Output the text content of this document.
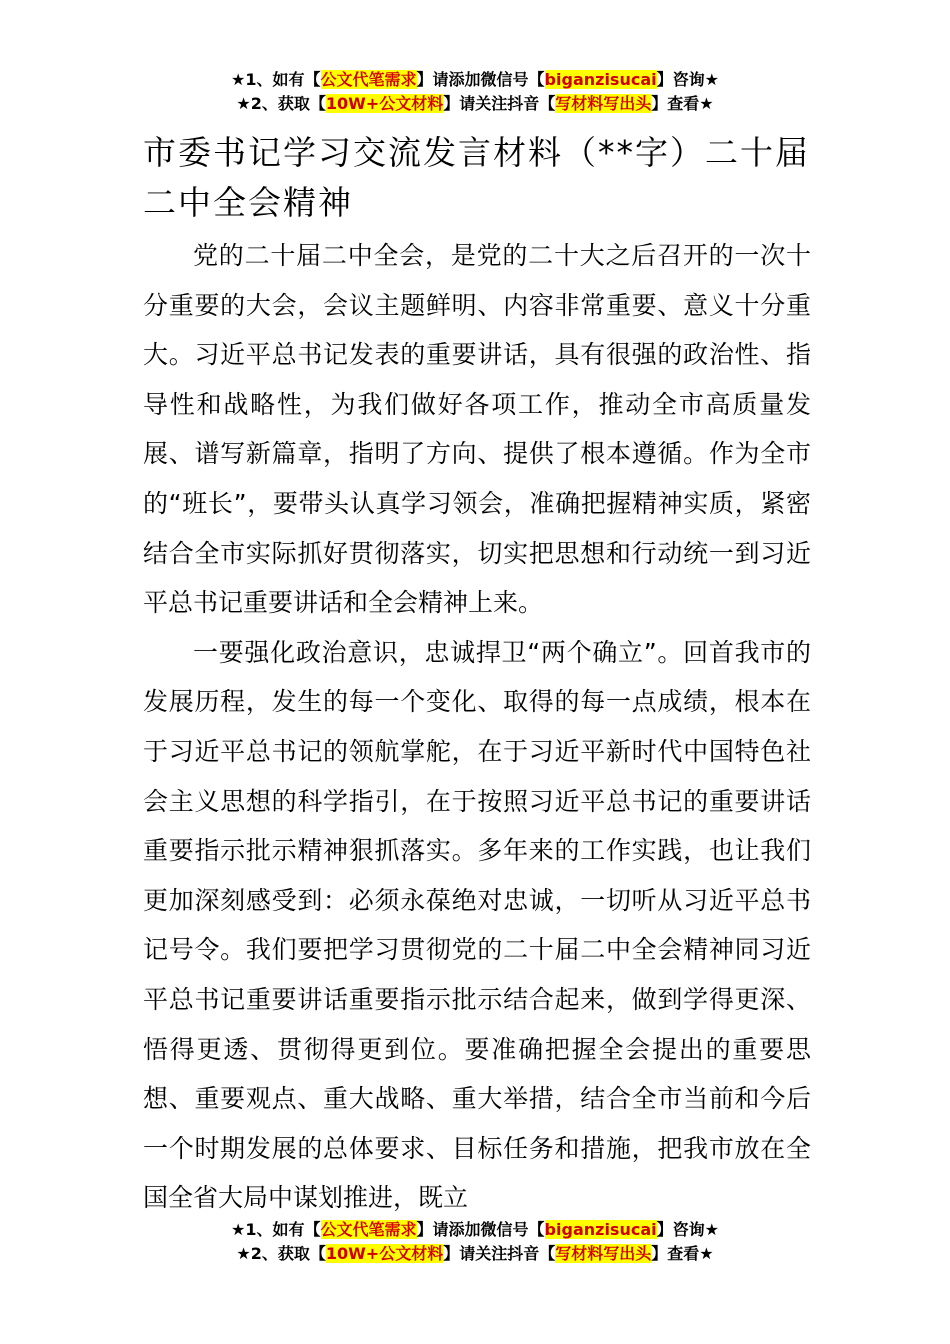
★1、如有【公文代笔需求】请添加微信号【biganzisucai】咨询★
★2、获取【10W+公文材料】请关注抖音【写材料写出头】查看★
市委书记学习交流发言材料（**字）二十届二中全会精神

党的二十届二中全会，是党的二十大之后召开的一次十分重要的大会，会议主题鲜明、内容非常重要、意义十分重大。习近平总书记发表的重要讲话，具有很强的政治性、指导性和战略性，为我们做好各项工作，推动全市高质量发展、谱写新篇章，指明了方向、提供了根本遵循。作为全市的“班长”，要带头认真学习领会，准确把握精神实质，紧密结合全市实际抓好贯彻落实，切实把思想和行动统一到习近平总书记重要讲话和全会精神上来。

一要强化政治意识，忠诚捍卫“两个确立”。回首我市的发展历程，发生的每一个变化、取得的每一点成绩，根本在于习近平总书记的领航掌舵，在于习近平新时代中国特色社会主义思想的科学指引，在于按照习近平总书记的重要讲话重要指示批示精神狠抓落实。多年来的工作实践，也让我们更加深刻感受到：必须永葆绝对忠诚，一切听从习近平总书记号令。我们要把学习贯彻党的二十届二中全会精神同习近平总书记重要讲话重要指示批示结合起来，做到学得更深、悟得更透、贯彻得更到位。要准确把握全会提出的重要思想、重要观点、重大战略、重大举措，结合全市当前和今后一个时期发展的总体要求、目标任务和措施，把我市放在全国全省大局中谋划推进，既立

★1、如有【公文代笔需求】请添加微信号【biganzisucai】咨询★
★2、获取【10W+公文材料】请关注抖音【写材料写出头】查看★
